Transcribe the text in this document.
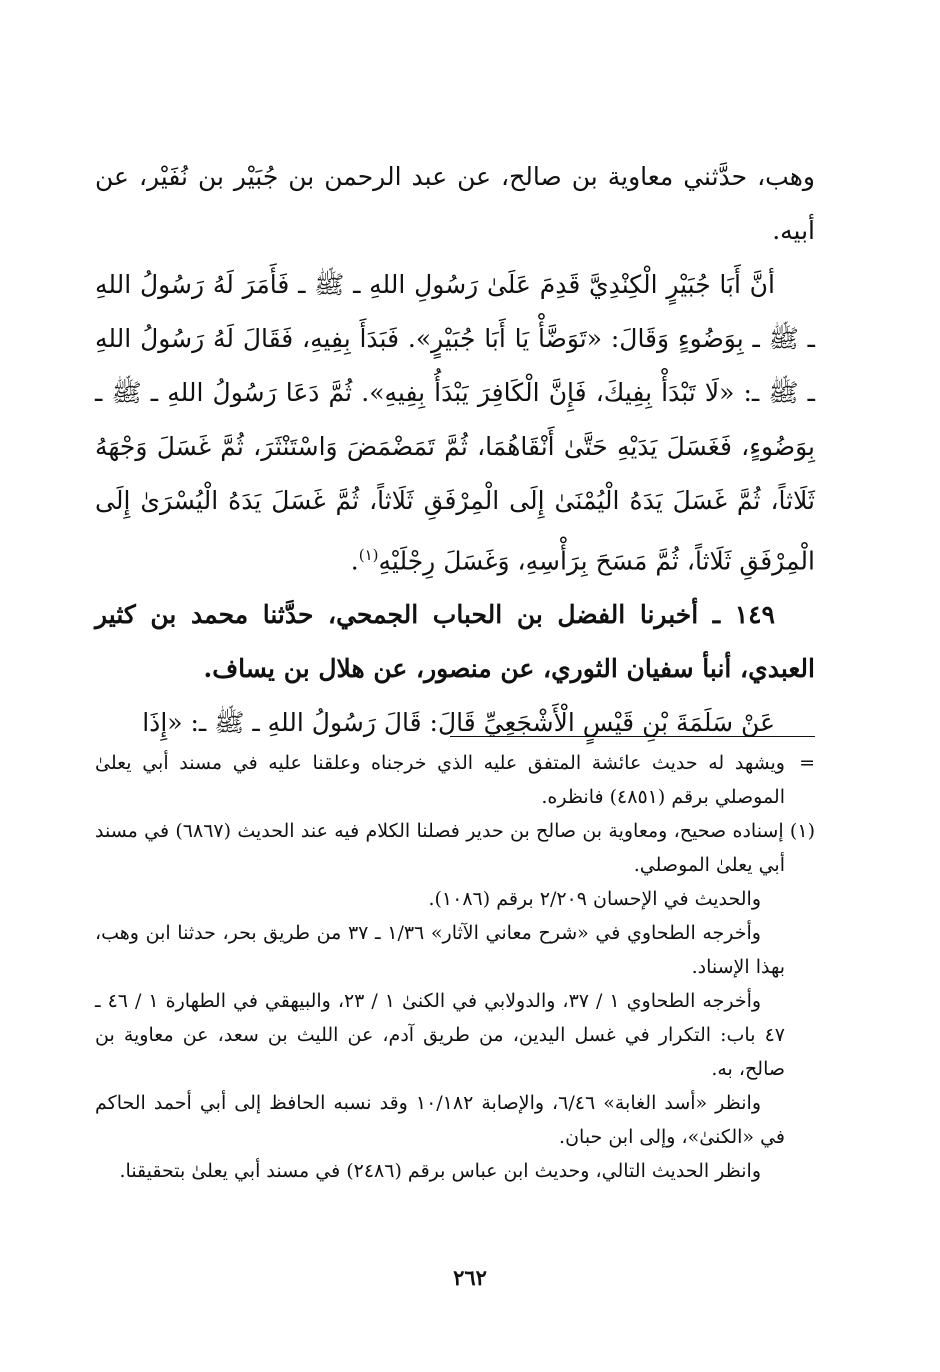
وهب، حدَّثني معاوية بن صالح، عن عبد الرحمن بن جُبَيْر بن نُفَيْر، عن أبيه.

أنَّ أَبَا جُبَيْرٍ الْكِنْدِيَّ قَدِمَ عَلَىٰ رَسُولِ اللهِ ـ ﷺ ـ فَأَمَرَ لَهُ رَسُولُ اللهِ ـ ﷺ ـ بِوَضُوءٍ وَقَالَ: «تَوَضَّأْ يَا أَبَا جُبَيْرٍ». فَبَدَأَ بِفِيهِ، فَقَالَ لَهُ رَسُولُ اللهِ ـ ﷺ ـ: «لَا تَبْدَأْ بِفِيكَ، فَإِنَّ الْكَافِرَ يَبْدَأُ بِفِيهِ». ثُمَّ دَعَا رَسُولُ اللهِ ـ ﷺ ـ بِوَضُوءٍ، فَغَسَلَ يَدَيْهِ حَتَّىٰ أَنْقَاهُمَا، ثُمَّ تَمَضْمَضَ وَاسْتَنْثَرَ، ثُمَّ غَسَلَ وَجْهَهُ ثَلَاثاً، ثُمَّ غَسَلَ يَدَهُ الْيُمْنَىٰ إِلَى الْمِرْفَقِ ثَلَاثاً، ثُمَّ غَسَلَ يَدَهُ الْيُسْرَىٰ إِلَى الْمِرْفَقِ ثَلَاثاً، ثُمَّ مَسَحَ بِرَأْسِهِ، وَغَسَلَ رِجْلَيْهِ$^{(١)}$.

١٤٩ ـ أخبرنا الفضل بن الحباب الجمحي، حدَّثنا محمد بن كثير العبدي، أنبأ سفيان الثوري، عن منصور، عن هلال بن يساف.

عَنْ سَلَمَةَ بْنِ قَيْسٍ الْأَشْجَعِيِّ قَالَ: قَالَ رَسُولُ اللهِ ـ ﷺ ـ: «إِذَا

=
ويشهد له حديث عائشة المتفق عليه الذي خرجناه وعلقنا عليه في مسند أبي يعلىٰ الموصلي برقم (٤٨٥١) فانظره.

(١) إسناده صحيح، ومعاوية بن صالح بن حدير فصلنا الكلام فيه عند الحديث (٦٨٦٧) في مسند أبي يعلىٰ الموصلي.

والحديث في الإحسان ٢/٢٠٩ برقم (١٠٨٦).

وأخرجه الطحاوي في «شرح معاني الآثار» ١/٣٦ ـ ٣٧ من طريق بحر، حدثنا ابن وهب، بهذا الإسناد.

وأخرجه الطحاوي ١ / ٣٧، والدولابي في الكنىٰ ١ / ٢٣، والبيهقي في الطهارة ١ / ٤٦ ـ ٤٧ باب: التكرار في غسل اليدين، من طريق آدم، عن الليث بن سعد، عن معاوية بن صالح، به.

وانظر «أسد الغابة» ٦/٤٦، والإصابة ١٠/١٨٢ وقد نسبه الحافظ إلى أبي أحمد الحاكم في «الكنىٰ»، وإلى ابن حبان.

وانظر الحديث التالي، وحديث ابن عباس برقم (٢٤٨٦) في مسند أبي يعلىٰ بتحقيقنا.

٢٦٢
